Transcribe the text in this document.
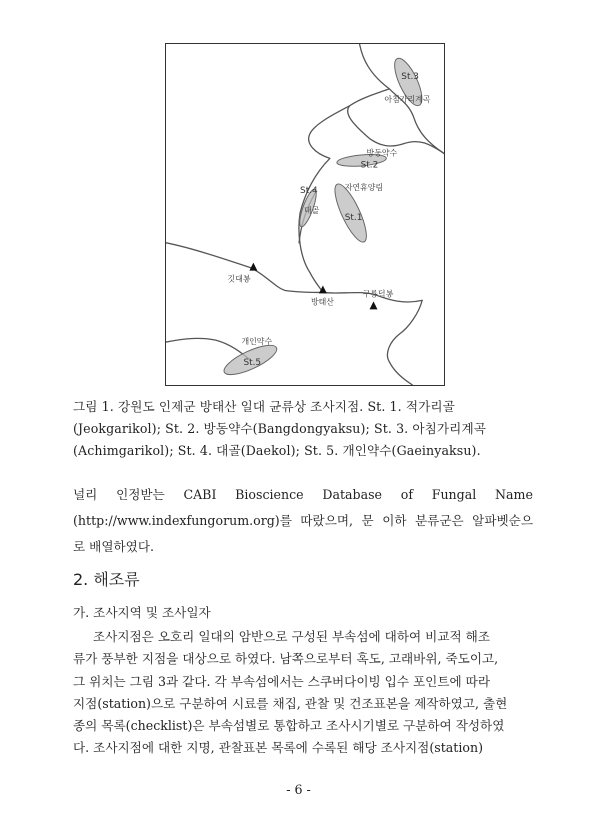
St.3
St.2
St.4
St.1
St.5
아침가리계곡
방동약수
대골
자연휴양림
개인약수
깃대봉
방태산
구룡덕봉
그림 1. 강원도 인제군 방태산 일대 균류상 조사지점. St. 1. 적가리골
(Jeokgarikol); St. 2. 방동약수(Bangdongyaksu); St. 3. 아침가리계곡
(Achimgarikol); St. 4. 대골(Daekol); St. 5. 개인약수(Gaeinyaksu).
널리 인정받는 CABI Bioscience Database of Fungal Name
(http://www.indexfungorum.org)를 따랐으며, 문 이하 분류군은 알파벳순으
로 배열하였다.
2. 해조류
가. 조사지역 및 조사일자
조사지점은 오호리 일대의 암반으로 구성된 부속섬에 대하여 비교적 해조
류가 풍부한 지점을 대상으로 하였다. 남쪽으로부터 혹도, 고래바위, 죽도이고,
그 위치는 그림 3과 같다. 각 부속섬에서는 스쿠버다이빙 입수 포인트에 따라
지점(station)으로 구분하여 시료를 채집, 관찰 및 건조표본을 제작하였고, 출현
종의 목록(checklist)은 부속섬별로 통합하고 조사시기별로 구분하여 작성하였
다. 조사지점에 대한 지명, 관찰표본 목록에 수록된 해당 조사지점(station)
- 6 -
